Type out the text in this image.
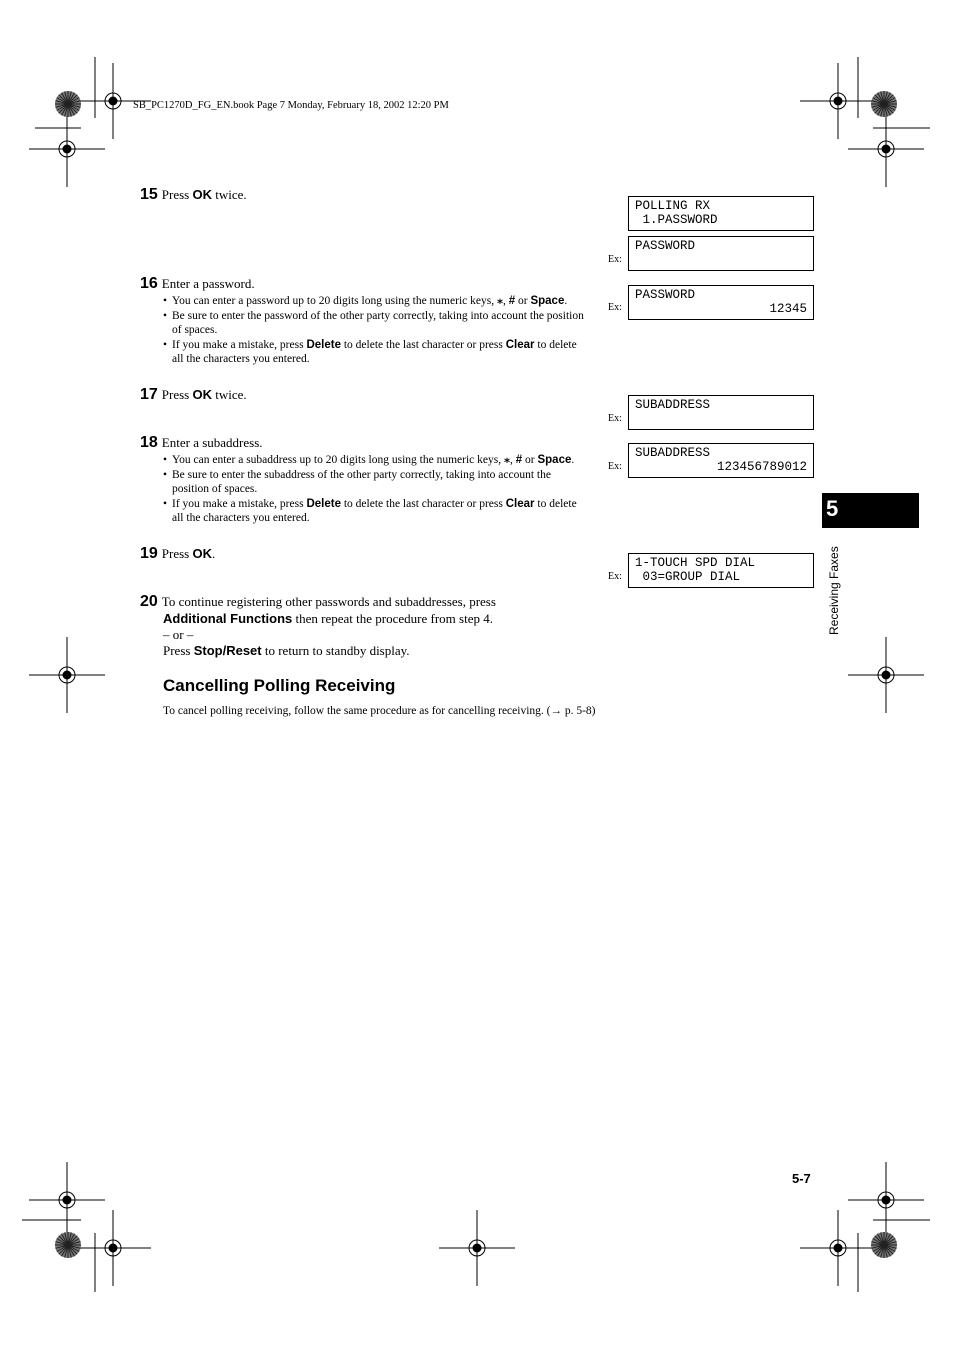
SB_PC1270D_FG_EN.book Page 7 Monday, February 18, 2002 12:20 PM
15 Press OK twice.
16 Enter a password.
• You can enter a password up to 20 digits long using the numeric keys, ⁎, # or Space.
• Be sure to enter the password of the other party correctly, taking into account the position of spaces.
• If you make a mistake, press Delete to delete the last character or press Clear to delete all the characters you entered.
17 Press OK twice.
18 Enter a subaddress.
• You can enter a subaddress up to 20 digits long using the numeric keys, ⁎, # or Space.
• Be sure to enter the subaddress of the other party correctly, taking into account the position of spaces.
• If you make a mistake, press Delete to delete the last character or press Clear to delete all the characters you entered.
19 Press OK.
20 To continue registering other passwords and subaddresses, press
Additional Functions then repeat the procedure from step 4.
– or –
Press Stop/Reset to return to standby display.
POLLING RX
1.PASSWORD
Ex:
PASSWORD
Ex:
PASSWORD
12345
Ex:
SUBADDRESS
Ex:
SUBADDRESS
123456789012
Ex:
1-TOUCH SPD DIAL
03=GROUP DIAL
Cancelling Polling Receiving
To cancel polling receiving, follow the same procedure as for cancelling receiving. (→ p. 5-8)
5
Receiving Faxes
5-7
